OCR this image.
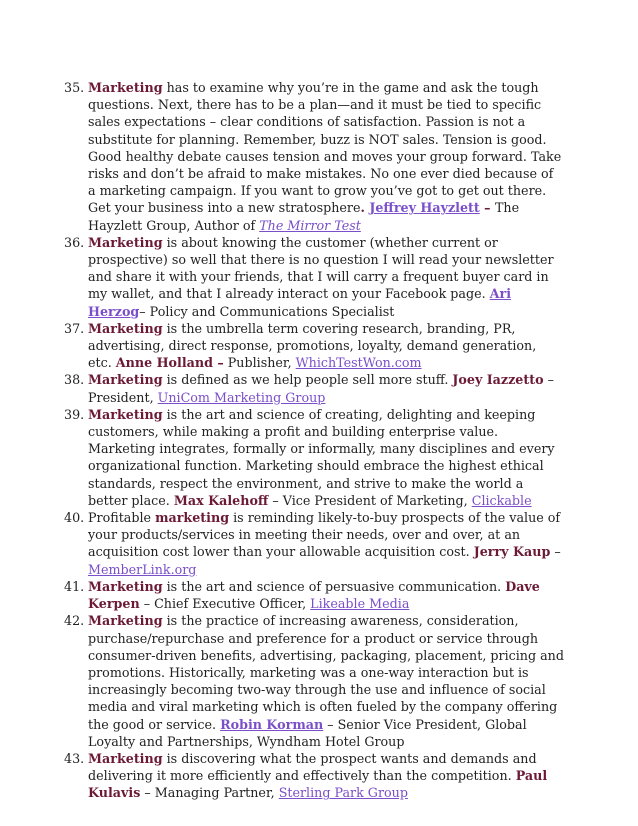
35. Marketing has to examine why you’re in the game and ask the tough questions. Next, there has to be a plan—and it must be tied to specific sales expectations – clear conditions of satisfaction. Passion is not a substitute for planning. Remember, buzz is NOT sales. Tension is good. Good healthy debate causes tension and moves your group forward. Take risks and don’t be afraid to make mistakes. No one ever died because of a marketing campaign. If you want to grow you’ve got to get out there. Get your business into a new stratosphere. Jeffrey Hayzlett – The Hayzlett Group, Author of The Mirror Test
36. Marketing is about knowing the customer (whether current or prospective) so well that there is no question I will read your newsletter and share it with your friends, that I will carry a frequent buyer card in my wallet, and that I already interact on your Facebook page. Ari Herzog– Policy and Communications Specialist
37. Marketing is the umbrella term covering research, branding, PR, advertising, direct response, promotions, loyalty, demand generation, etc. Anne Holland – Publisher, WhichTestWon.com
38. Marketing is defined as we help people sell more stuff. Joey Iazzetto – President, UniCom Marketing Group
39. Marketing is the art and science of creating, delighting and keeping customers, while making a profit and building enterprise value. Marketing integrates, formally or informally, many disciplines and every organizational function. Marketing should embrace the highest ethical standards, respect the environment, and strive to make the world a better place. Max Kalehoff – Vice President of Marketing, Clickable
40. Profitable marketing is reminding likely-to-buy prospects of the value of your products/services in meeting their needs, over and over, at an acquisition cost lower than your allowable acquisition cost. Jerry Kaup – MemberLink.org
41. Marketing is the art and science of persuasive communication. Dave Kerpen – Chief Executive Officer, Likeable Media
42. Marketing is the practice of increasing awareness, consideration, purchase/repurchase and preference for a product or service through consumer-driven benefits, advertising, packaging, placement, pricing and promotions. Historically, marketing was a one-way interaction but is increasingly becoming two-way through the use and influence of social media and viral marketing which is often fueled by the company offering the good or service. Robin Korman – Senior Vice President, Global Loyalty and Partnerships, Wyndham Hotel Group
43. Marketing is discovering what the prospect wants and demands and delivering it more efficiently and effectively than the competition. Paul Kulavis – Managing Partner, Sterling Park Group
